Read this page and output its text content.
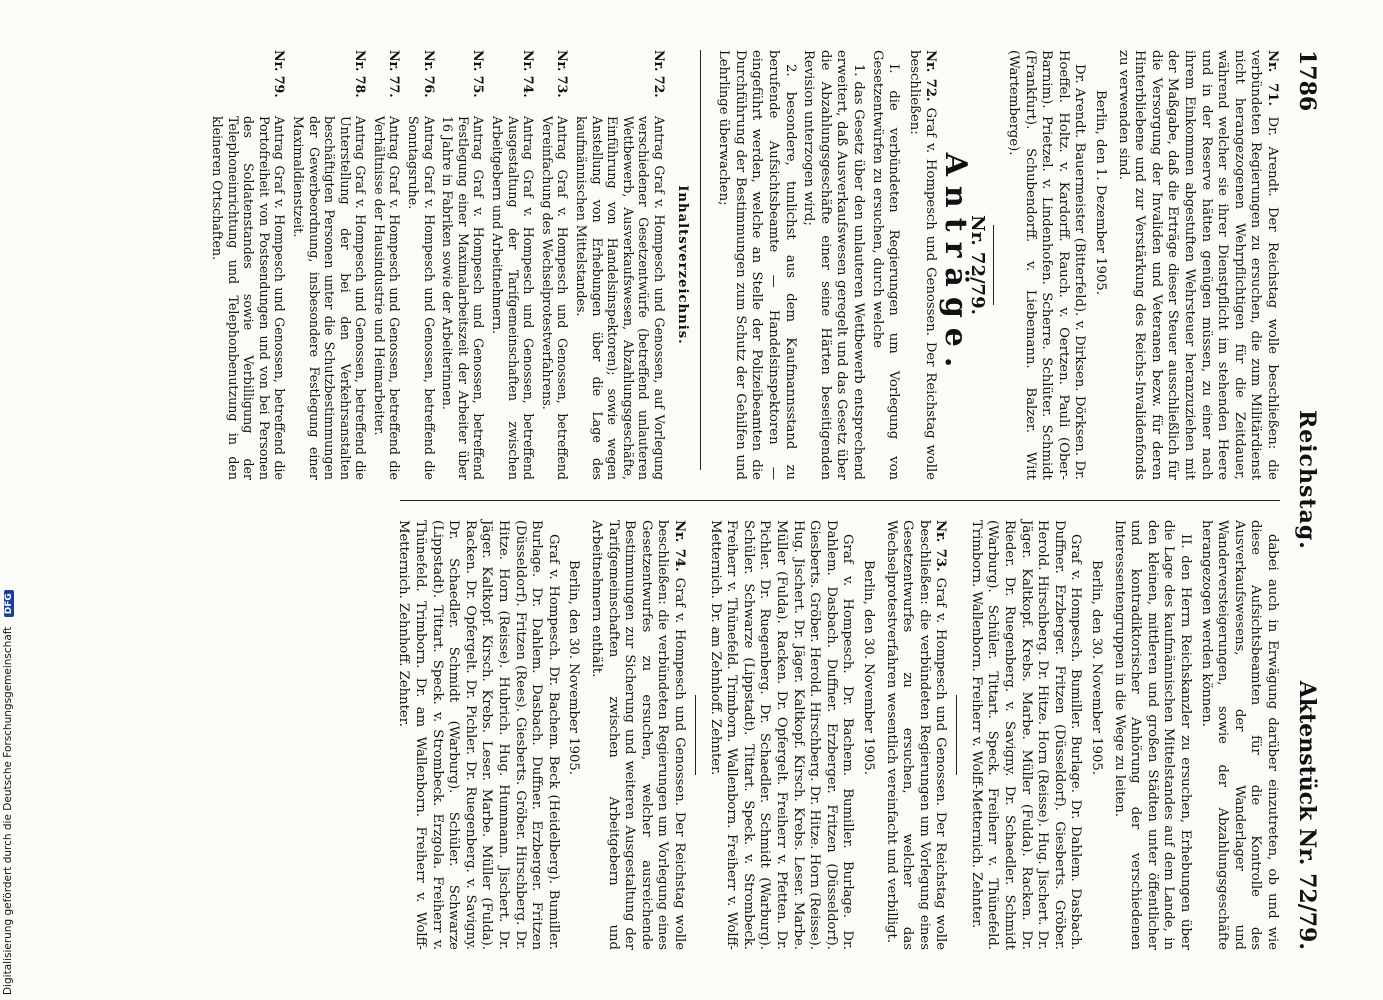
1786
Reichstag.
Aktenstück Nr. 72/79.

Nr. 71. Dr. Arendt. Der Reichstag wolle beschließen: die verbündeten Regierungen zu ersuchen, die zum Militärdienst nicht herangezogenen Wehrpflichtigen für die Zeitdauer, während welcher sie ihrer Dienstpflicht im stehenden Heere und in der Reserve hätten genügen müssen, zu einer nach ihrem Einkommen abgestuften Wehrsteuer heranzuziehen mit der Maßgabe, daß die Erträge dieser Steuer ausschließlich für die Versorgung der Invaliden und Veteranen bezw. für deren Hinterbliebene und zur Verstärkung des Reichs-Invalidenfonds zu verwenden sind.

Berlin, den 1. Dezember 1905.

Dr. Arendt. Bauermeister (Bitterfeld). v. Dirksen. Dörksen. Dr. Hoeffel. Holtz. v. Kardorff. Rauch. v. Oertzen. Pauli (Ober-Barnim). Prietzel. v. Lindenhofen. Scherre. Schlüter. Schmidt (Frankfurt). Schubendorff. v. Liebemann. Balzer. Witt (Wartemberge).

Nr. 72/79.
Anträge.

Nr. 72. Graf v. Hompesch und Genossen. Der Reichstag wolle beschließen:

I. die verbündeten Regierungen um Vorlegung von Gesetzentwürfen zu ersuchen, durch welche

1. das Gesetz über den unlauteren Wettbewerb entsprechend erweitert, daß Ausverkaufswesen geregelt und das Gesetz über die Abzahlungsgeschäfte einer seine Härten beseitigenden Revision unterzogen wird;

2. besondere, tunlichst aus dem Kaufmannsstand zu berufende Aufsichtsbeamte — Handelsinspektoren — eingeführt werden, welche an Stelle der Polizeibeamten die Durchführung der Bestimmungen zum Schutz der Gehilfen und Lehrlinge überwachen;

Inhaltsverzeichnis.
Nr. 72.
Antrag Graf v. Hompesch und Genossen, auf Vorlegung verschiedener Gesetzentwürfe (betreffend unlauteren Wettbewerb, Ausverkaufswesen, Abzahlungsgeschäfte, Einführung von Handelsinspektoren); sowie wegen Anstellung von Erhebungen über die Lage des kaufmännischen Mittelstandes.
Nr. 73.
Antrag Graf v. Hompesch und Genossen, betreffend Vereinfachung des Wechselprotestverfahrens.
Nr. 74.
Antrag Graf v. Hompesch und Genossen, betreffend Ausgestaltung der Tarifgemeinschaften zwischen Arbeitgebern und Arbeitnehmern.
Nr. 75.
Antrag Graf v. Hompesch und Genossen, betreffend Festlegung einer Maximalarbeitszeit der Arbeiter über 16 Jahre in Fabriken sowie der Arbeiterinnen.
Nr. 76.
Antrag Graf v. Hompesch und Genossen, betreffend die Sonntagsruhe.
Nr. 77.
Antrag Graf v. Hompesch und Genossen, betreffend die Verhältnisse der Hausindustrie und Heimarbeiter.
Nr. 78.
Antrag Graf v. Hompesch und Genossen, betreffend die Unterstellung der bei den Verkehrsanstalten beschäftigten Personen unter die Schutzbestimmungen der Gewerbeordnung, insbesondere Festlegung einer Maximaldienstzeit.
Nr. 79.
Antrag Graf v. Hompesch und Genossen, betreffend die Portofreiheit von Postsendungen und von bei Personen des Soldatenstandes sowie Verbilligung der Telephoneinrichtung und Telephonbenutzung in den kleineren Ortschaften.

dabei auch in Erwägung darüber einzutreten, ob und wie diese Aufsichtsbeamten für die Kontrolle des Ausverkaufswesens, der Wanderlager und Wanderversteigerungen, sowie der Abzahlungsgeschäfte herangezogen werden können.

II. den Herrn Reichskanzler zu ersuchen, Erhebungen über die Lage des kaufmännischen Mittelstandes auf dem Lande, in den kleinen, mittleren und großen Städten unter öffentlicher und kontradiktorischer Anhörung der verschiedenen Interessentengruppen in die Wege zu leiten.

Berlin, den 30. November 1905.

Graf v. Hompesch. Bumiller. Burlage. Dr. Dahlem. Dasbach. Duffner. Erzberger. Fritzen (Düsseldorf). Giesberts. Gröber. Herold. Hirschberg. Dr. Hitze. Horn (Reisse). Hug. Jischert. Dr. Jäger. Kaltkopf. Krebs. Marbe. Müller (Fulda). Racken. Dr. Rieder. Dr. Ruegenberg. v. Savigny. Dr. Schaedler. Schmidt (Warburg). Schüler. Tittart. Speck. Freiherr v. Thünefeld. Trimborn. Wallenborn. Freiherr v. Wolff-Metternich. Zehnter.

Nr. 73. Graf v. Hompesch und Genossen. Der Reichstag wolle beschließen: die verbündeten Regierungen um Vorlegung eines Gesetzentwurfes zu ersuchen, welcher das Wechselprotestverfahren wesentlich vereinfacht und verbilligt.

Berlin, den 30. November 1905.

Graf v. Hompesch. Dr. Bachem. Bumiller. Burlage. Dr. Dahlem. Dasbach. Duffner. Erzberger. Fritzen (Düsseldorf). Giesberts. Gröber. Herold. Hirschberg. Dr. Hitze. Horn (Reisse). Hug. Jischert. Dr. Jäger. Kaltkopf. Kirsch. Krebs. Leser. Marbe. Müller (Fulda). Racken. Dr. Opfergelt. Freiherr v. Pfetten. Dr. Pichler. Dr. Ruegenberg. Dr. Schaedler. Schmidt (Warburg). Schüler. Schwarze (Lippstadt). Tittart. Speck. v. Strombeck. Freiherr v. Thünefeld. Trimborn. Wallenborn. Freiherr v. Wolff-Metternich. Dr. am Zehnhoff. Zehnter.

Nr. 74. Graf v. Hompesch und Genossen. Der Reichstag wolle beschließen: die verbündeten Regierungen um Vorlegung eines Gesetzentwurfes zu ersuchen, welcher ausreichende Bestimmungen zur Sicherung und weiteren Ausgestaltung der Tarifgemeinschaften zwischen Arbeitgebern und Arbeitnehmern enthält.

Berlin, den 30. November 1905.

Graf v. Hompesch. Dr. Bachem. Beck (Heidelberg). Bumiller. Burlage. Dr. Dahlem. Dasbach. Duffner. Erzberger. Fritzen (Düsseldorf). Fritzen (Rees). Giesberts. Gröber. Hirschberg. Dr. Hitze. Horn (Reisse). Hubrich. Hug. Hummann. Jischert. Dr. Jäger. Kaltkopf. Kirsch. Krebs. Leser. Marbe. Müller (Fulda). Racken. Dr. Opfergelt. Dr. Pichler. Dr. Ruegenberg. v. Savigny. Dr. Schaedler. Schmidt (Warburg). Schüler. Schwarze (Lippstadt). Tittart. Speck. v. Strombeck. Erzgola. Freiherr v. Thünefeld. Trimborn. Dr. am Wallenborn. Freiherr v. Wolff-Metternich. Zehnhoff. Zehnter.

Digitalisierung gefördert durch die Deutsche Forschungsgemeinschaft DFG
